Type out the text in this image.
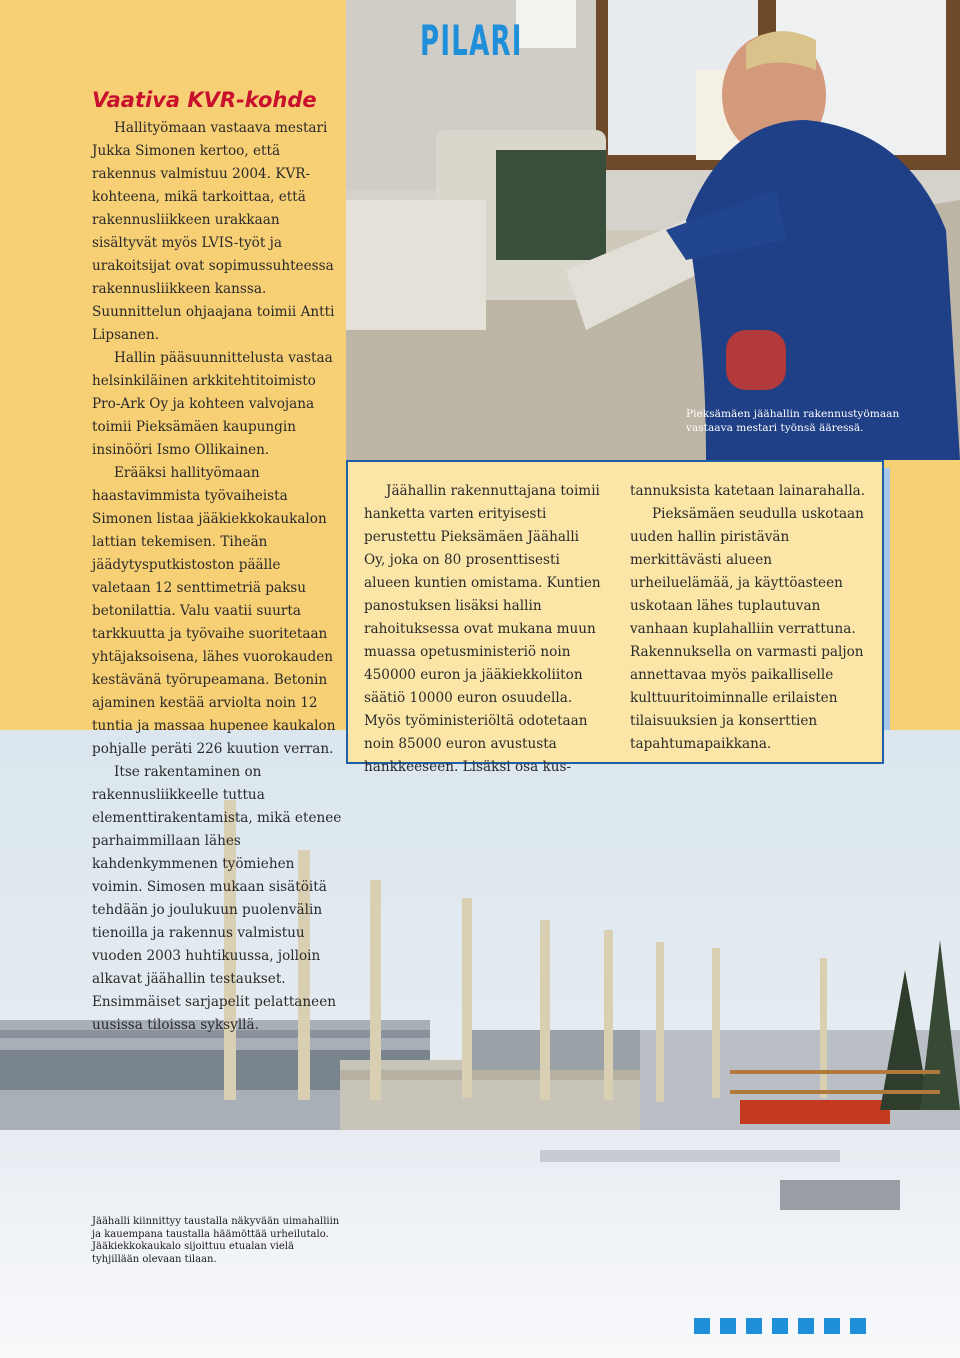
PILARI
Vaativa KVR-kohde

Hallityömaan vastaava mestari Jukka Simonen kertoo, että rakennus valmistuu 2004. KVR-kohteena, mikä tarkoittaa, että rakennusliikkeen urakkaan sisältyvät myös LVIS-työt ja urakoitsijat ovat sopimussuhteessa rakennusliikkeen kanssa. Suunnittelun ohjaajana toimii Antti Lipsanen.

Hallin pääsuunnittelusta vastaa helsinkiläinen arkkitehtitoimisto Pro-Ark Oy ja kohteen valvojana toimii Pieksämäen kaupungin insinööri Ismo Ollikainen.

Erääksi hallityömaan haastavimmista työvaiheista Simonen listaa jääkiekkokaukalon lattian tekemisen. Tiheän jäädytysputkistoston päälle valetaan 12 senttimetriä paksu betonilattia. Valu vaatii suurta tarkkuutta ja työvaihe suoritetaan yhtäjaksoisena, lähes vuorokauden kestävänä työrupeamana. Betonin ajaminen kestää arviolta noin 12 tuntia ja massaa hupenee kaukalon pohjalle peräti 226 kuution verran.

Itse rakentaminen on rakennusliikkeelle tuttua elementtirakentamista, mikä etenee parhaimmillaan lähes kahdenkymmenen työmiehen voimin. Simosen mukaan sisätöitä tehdään jo joulukuun puolenvälin tienoilla ja rakennus valmistuu vuoden 2003 huhtikuussa, jolloin alkavat jäähallin testaukset. Ensimmäiset sarjapelit pelattaneen uusissa tiloissa syksyllä.

Pieksämäen jäähallin rakennustyömaan vastaava mestari työnsä ääressä.

Jäähallin rakennuttajana toimii hanketta varten erityisesti perustettu Pieksämäen Jäähalli Oy, joka on 80 prosenttisesti alueen kuntien omistama. Kuntien panostuksen lisäksi hallin rahoituksessa ovat mukana muun muassa opetusministeriö noin 450000 euron ja jääkiekkoliiton säätiö 10000 euron osuudella. Myös työministeriöltä odotetaan noin 85000 euron avustusta hankkeeseen. Lisäksi osa kus-

tannuksista katetaan lainarahalla.

Pieksämäen seudulla uskotaan uuden hallin piristävän merkittävästi alueen urheiluelämää, ja käyttöasteen uskotaan lähes tuplautuvan vanhaan kuplahalliin verrattuna. Rakennuksella on varmasti paljon annettavaa myös paikalliselle kulttuuritoiminnalle erilaisten tilaisuuksien ja konserttien tapahtumapaikkana.

Jäähalli kiinnittyy taustalla näkyvään uimahalliin ja kauempana taustalla häämöttää urheilutalo. Jääkiekkokaukalo sijoittuu etualan vielä tyhjillään olevaan tilaan.
